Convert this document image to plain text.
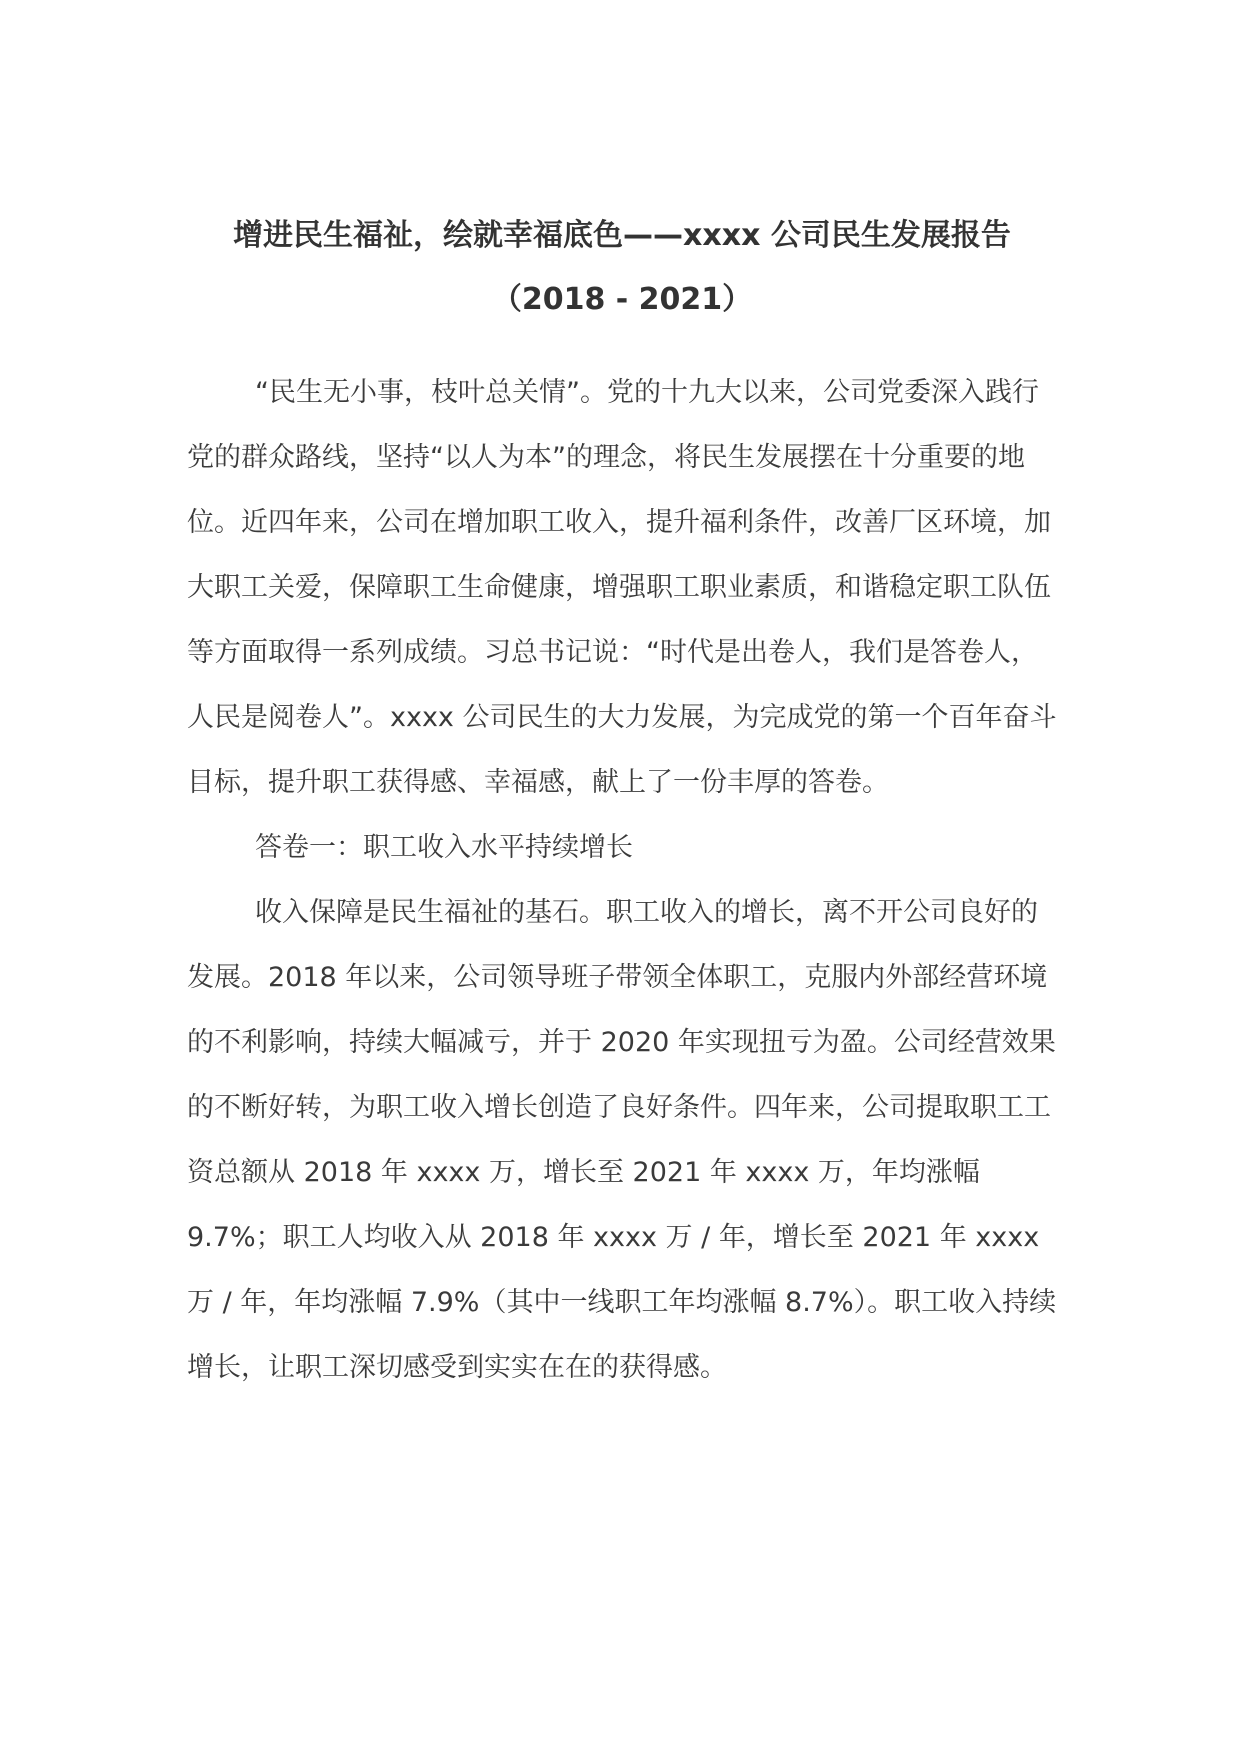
增进民生福祉，绘就幸福底色——xxxx 公司民生发展报告
（2018 - 2021）

“民生无小事，枝叶总关情”。党的十九大以来，公司党委深入践行党的群众路线，坚持“以人为本”的理念，将民生发展摆在十分重要的地位。近四年来，公司在增加职工收入，提升福利条件，改善厂区环境，加大职工关爱，保障职工生命健康，增强职工职业素质，和谐稳定职工队伍等方面取得一系列成绩。习总书记说：“时代是出卷人，我们是答卷人，人民是阅卷人”。xxxx 公司民生的大力发展，为完成党的第一个百年奋斗目标，提升职工获得感、幸福感，献上了一份丰厚的答卷。

答卷一：职工收入水平持续增长

收入保障是民生福祉的基石。职工收入的增长，离不开公司良好的发展。2018 年以来，公司领导班子带领全体职工，克服内外部经营环境的不利影响，持续大幅减亏，并于 2020 年实现扭亏为盈。公司经营效果的不断好转，为职工收入增长创造了良好条件。四年来，公司提取职工工资总额从 2018 年 xxxx 万，增长至 2021 年 xxxx 万，年均涨幅 9.7%；职工人均收入从 2018 年 xxxx 万 / 年，增长至 2021 年 xxxx 万 / 年，年均涨幅 7.9%（其中一线职工年均涨幅 8.7%）。职工收入持续增长，让职工深切感受到实实在在的获得感。
